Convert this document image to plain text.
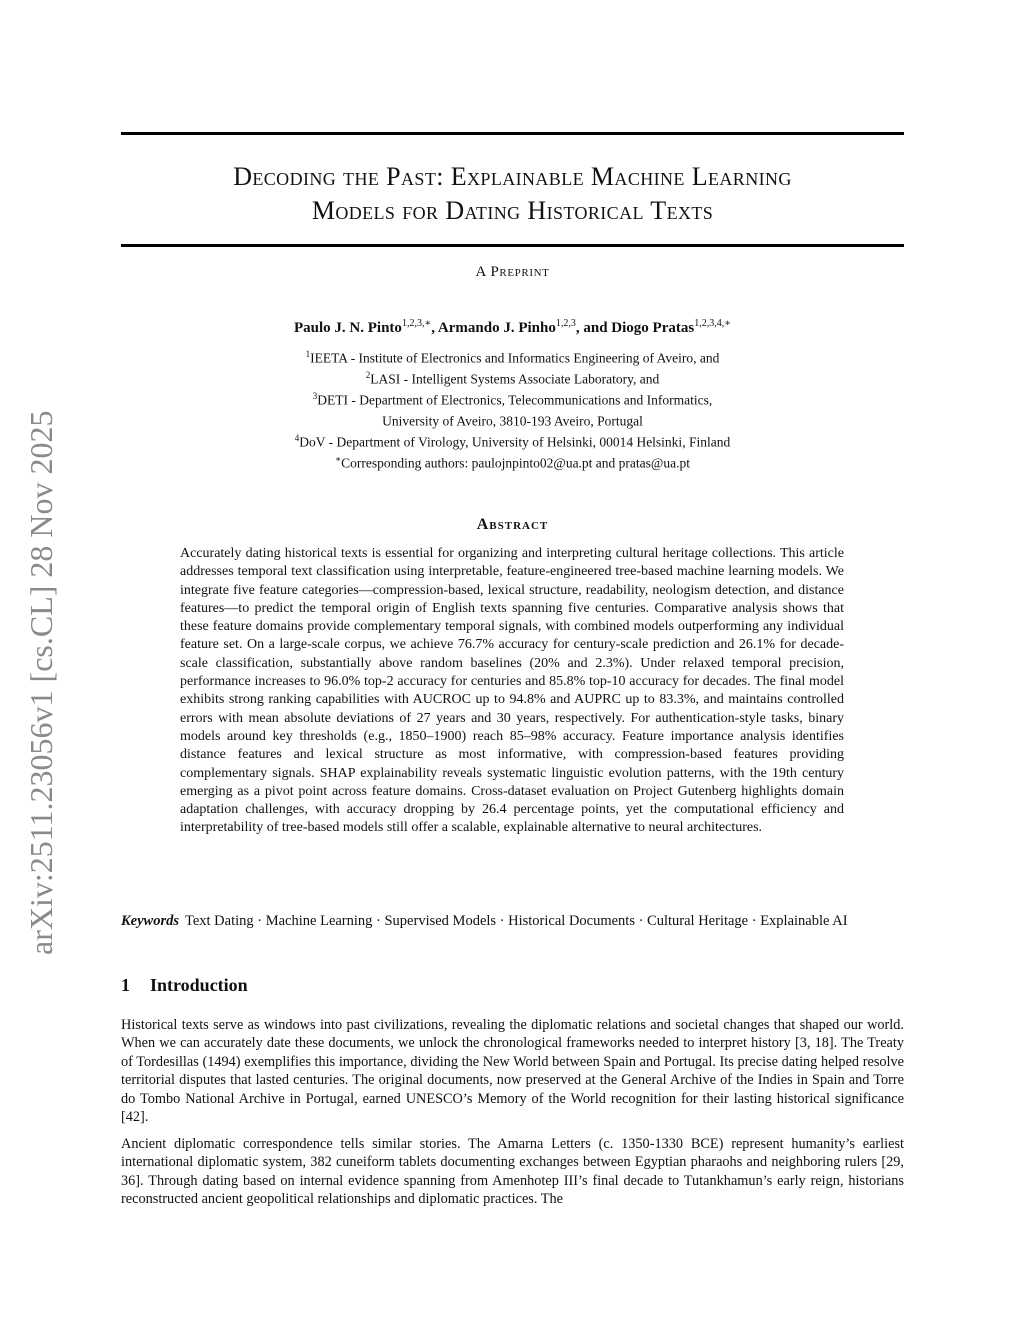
arXiv:2511.23056v1 [cs.CL] 28 Nov 2025
Decoding the Past: Explainable Machine Learning
Models for Dating Historical Texts
A Preprint
Paulo J. N. Pinto$^{1,2,3,∗}$, Armando J. Pinho$^{1,2,3}$, and Diogo Pratas$^{1,2,3,4,∗}$
$^1$IEETA - Institute of Electronics and Informatics Engineering of Aveiro, and
$^2$LASI - Intelligent Systems Associate Laboratory, and
$^3$DETI - Department of Electronics, Telecommunications and Informatics,
University of Aveiro, 3810-193 Aveiro, Portugal
$^4$DoV - Department of Virology, University of Helsinki, 00014 Helsinki, Finland
∗Corresponding authors: paulojnpinto02@ua.pt and pratas@ua.pt
Abstract
Accurately dating historical texts is essential for organizing and interpreting cultural heritage collections. This article addresses temporal text classification using interpretable, feature-engineered tree-based machine learning models. We integrate five feature categories—compression-based, lexical structure, readability, neologism detection, and distance features—to predict the temporal origin of English texts spanning five centuries. Comparative analysis shows that these feature domains provide complementary temporal signals, with combined models outperforming any individual feature set. On a large-scale corpus, we achieve 76.7% accuracy for century-scale prediction and 26.1% for decade-scale classification, substantially above random baselines (20% and 2.3%). Under relaxed temporal precision, performance increases to 96.0% top-2 accuracy for centuries and 85.8% top-10 accuracy for decades. The final model exhibits strong ranking capabilities with AUCROC up to 94.8% and AUPRC up to 83.3%, and maintains controlled errors with mean absolute deviations of 27 years and 30 years, respectively. For authentication-style tasks, binary models around key thresholds (e.g., 1850–1900) reach 85–98% accuracy. Feature importance analysis identifies distance features and lexical structure as most informative, with compression-based features providing complementary signals. SHAP explainability reveals systematic linguistic evolution patterns, with the 19th century emerging as a pivot point across feature domains. Cross-dataset evaluation on Project Gutenberg highlights domain adaptation challenges, with accuracy dropping by 26.4 percentage points, yet the computational efficiency and interpretability of tree-based models still offer a scalable, explainable alternative to neural architectures.
Keywords Text Dating · Machine Learning · Supervised Models · Historical Documents · Cultural Heritage · Explainable AI
1 Introduction
Historical texts serve as windows into past civilizations, revealing the diplomatic relations and societal changes that shaped our world. When we can accurately date these documents, we unlock the chronological frameworks needed to interpret history [3, 18]. The Treaty of Tordesillas (1494) exemplifies this importance, dividing the New World between Spain and Portugal. Its precise dating helped resolve territorial disputes that lasted centuries. The original documents, now preserved at the General Archive of the Indies in Spain and Torre do Tombo National Archive in Portugal, earned UNESCO’s Memory of the World recognition for their lasting historical significance [42].
Ancient diplomatic correspondence tells similar stories. The Amarna Letters (c. 1350-1330 BCE) represent humanity’s earliest international diplomatic system, 382 cuneiform tablets documenting exchanges between Egyptian pharaohs and neighboring rulers [29, 36]. Through dating based on internal evidence spanning from Amenhotep III’s final decade to Tutankhamun’s early reign, historians reconstructed ancient geopolitical relationships and diplomatic practices. The
